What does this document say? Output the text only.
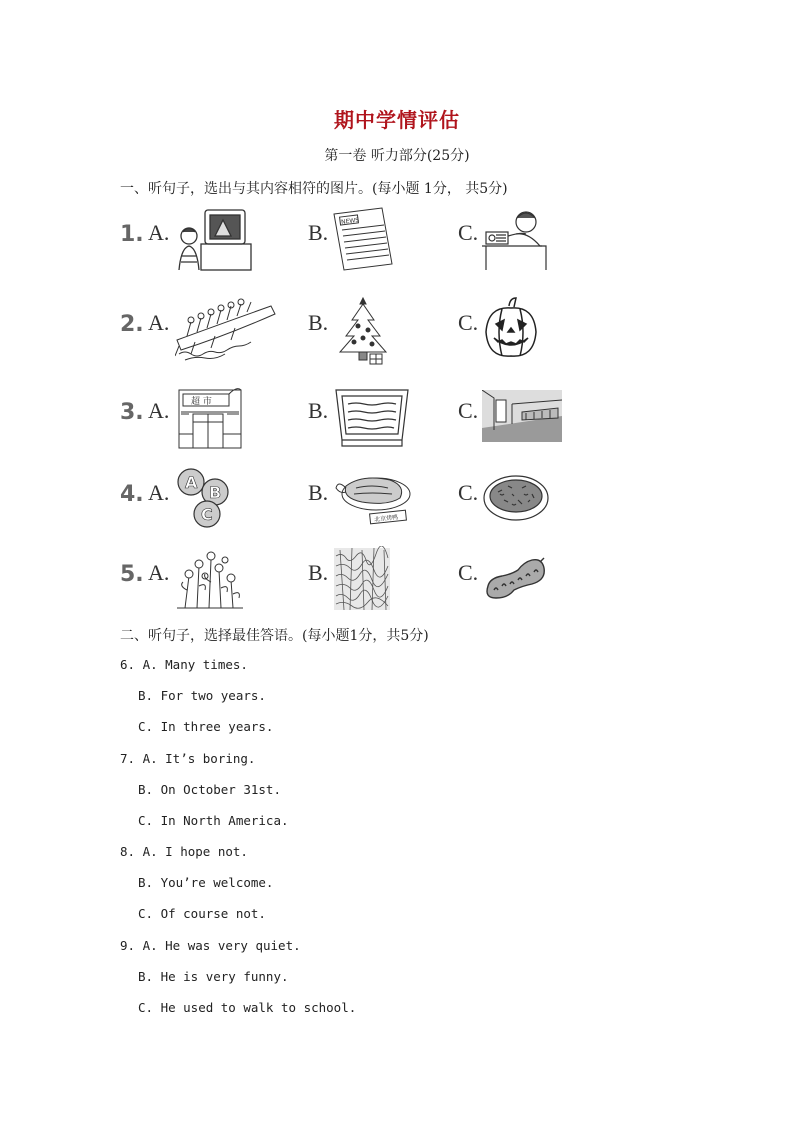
期中学情评估
第一卷 听力部分(25分)
一、听句子，选出与其内容相符的图片。(每小题 1分， 共5分)
1. A.	B. NEWS	C.
2. A.	B.	C.
3. A. 超 市	B.	C.
4. A. A
B
C
B.
北京烤鸭
C.
5. A.	B.	C.
二、听句子，选择最佳答语。(每小题1分，共5分)
6. A. Many times.
B. For two years.
C. In three years.
7. A. It’s boring.
B. On October 31st.
C. In North America.
8. A. I hope not.
B. You’re welcome.
C. Of course not.
9. A. He was very quiet.
B. He is very funny.
C. He used to walk to school.
